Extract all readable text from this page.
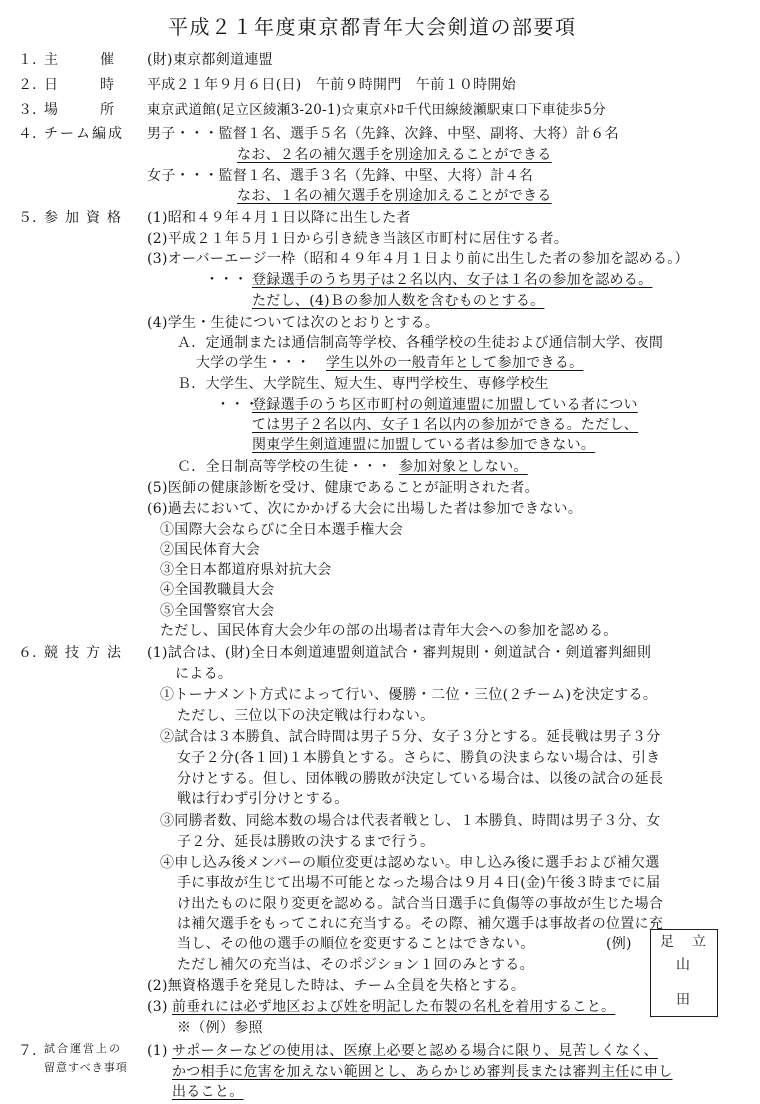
平成２１年度東京都青年大会剣道の部要項
１. 主　　　催 (財)東京都剣道連盟
２. 日　　　時 平成２１年９月６日(日)　午前９時開門　午前１０時開始
３. 場　　　所 東京武道館(足立区綾瀬3-20-1)☆東京ﾒﾄﾛ千代田線綾瀬駅東口下車徒歩5分
４. チーム編成 男子・・・監督１名、選手５名（先鋒、次鋒、中堅、副将、大将）計６名
なお、２名の補欠選手を別途加えることができる
女子・・・監督１名、選手３名（先鋒、中堅、大将）計４名
なお、１名の補欠選手を別途加えることができる
５. 参加資格 (1)昭和４９年４月１日以降に出生した者
(2)平成２１年５月１日から引き続き当該区市町村に居住する者。
(3)オーバーエージ一枠（昭和４９年４月１日より前に出生した者の参加を認める。）
・・・ 登録選手のうち男子は２名以内、女子は１名の参加を認める。
ただし、(4)Ｂの参加人数を含むものとする。
(4)学生・生徒については次のとおりとする。
Ａ．定通制または通信制高等学校、各種学校の生徒および通信制大学、夜間
大学の学生・・・ 学生以外の一般青年として参加できる。
Ｂ．大学生、大学院生、短大生、専門学校生、専修学校生
・・・
登録選手のうち区市町村の剣道連盟に加盟している者につい
ては男子２名以内、女子１名以内の参加ができる。ただし、
関東学生剣道連盟に加盟している者は参加できない。
Ｃ．全日制高等学校の生徒・・・ 参加対象としない。
(5)医師の健康診断を受け、健康であることが証明された者。
(6)過去において、次にかかげる大会に出場した者は参加できない。
①国際大会ならびに全日本選手権大会
②国民体育大会
③全日本都道府県対抗大会
④全国教職員大会
⑤全国警察官大会
ただし、国民体育大会少年の部の出場者は青年大会への参加を認める。
６. 競技方法 (1)試合は、(財)全日本剣道連盟剣道試合・審判規則・剣道試合・剣道審判細則
による。
①トーナメント方式によって行い、優勝・二位・三位(２チーム)を決定する。
ただし、三位以下の決定戦は行わない。
②試合は３本勝負、試合時間は男子５分、女子３分とする。延長戦は男子３分
女子２分(各１回)１本勝負とする。さらに、勝負の決まらない場合は、引き
分けとする。但し、団体戦の勝敗が決定している場合は、以後の試合の延長
戦は行わず引分けとする。
③同勝者数、同総本数の場合は代表者戦とし、１本勝負、時間は男子３分、女
子２分、延長は勝敗の決するまで行う。
④申し込み後メンバーの順位変更は認めない。申し込み後に選手および補欠選
手に事故が生じて出場不可能となった場合は９月４日(金)午後３時までに届
け出たものに限り変更を認める。試合当日選手に負傷等の事故が生じた場合
は補欠選手をもってこれに充当する。その際、補欠選手は事故者の位置に充
当し、その他の選手の順位を変更することはできない。	(例)
ただし補欠の充当は、そのポジション１回のみとする。
(2)無資格選手を発見した時は、チーム全員を失格とする。
(3) 前垂れには必ず地区および姓を明記した布製の名札を着用すること。
※（例）参照
足 立
山
田
７. 試合運営上の
留意すべき事項
(1) サポーターなどの使用は、医療上必要と認める場合に限り、見苦しくなく、
かつ相手に危害を加えない範囲とし、あらかじめ審判長または審判主任に申し
出ること。
